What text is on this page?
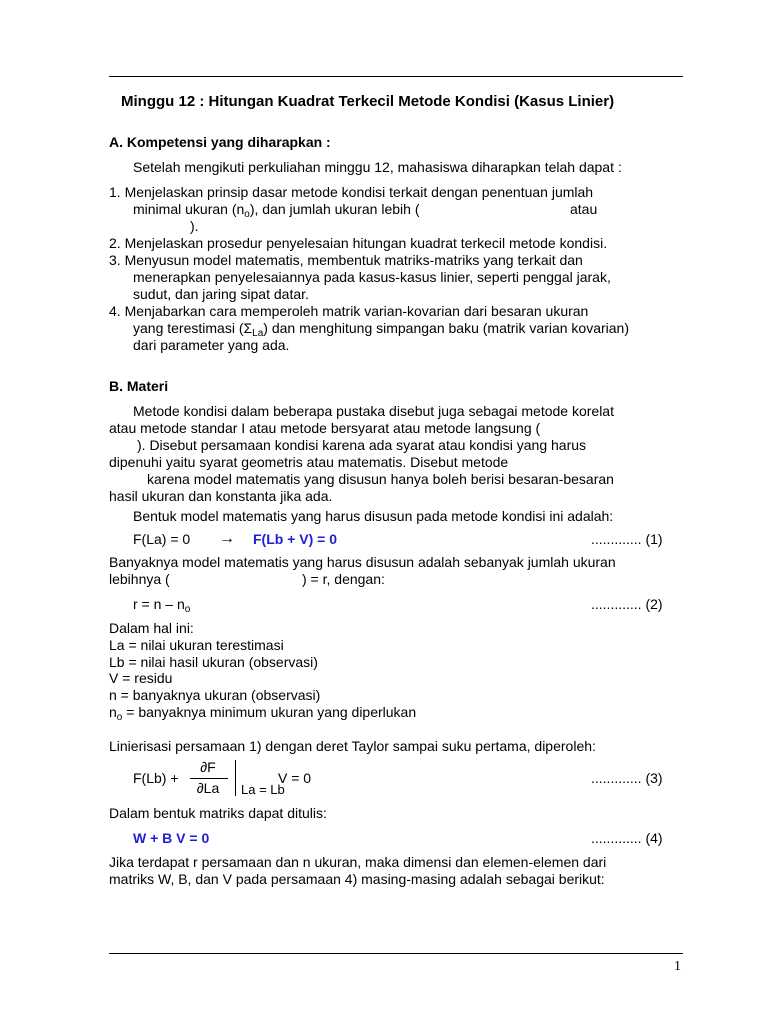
Minggu 12 : Hitungan Kuadrat Terkecil Metode Kondisi (Kasus Linier)
A. Kompetensi yang diharapkan :
Setelah mengikuti perkuliahan minggu 12, mahasiswa diharapkan telah dapat :
1. Menjelaskan prinsip dasar metode kondisi terkait dengan penentuan jumlah
minimal ukuran $(n_o)$, dan jumlah ukuran lebih (	atau
).
2. Menjelaskan prosedur penyelesaian hitungan kuadrat terkecil metode kondisi.
3. Menyusun model matematis, membentuk matriks-matriks yang terkait dan
menerapkan penyelesaiannya pada kasus-kasus linier, seperti penggal jarak,
sudut, dan jaring sipat datar.
4. Menjabarkan cara memperoleh matrik varian-kovarian dari besaran ukuran
yang terestimasi $(\Sigma_{La})$ dan menghitung simpangan baku (matrik varian kovarian)
dari parameter yang ada.
B. Materi
Metode kondisi dalam beberapa pustaka disebut juga sebagai metode korelat
atau metode standar I atau metode bersyarat atau metode langsung (
). Disebut persamaan kondisi karena ada syarat atau kondisi yang harus
dipenuhi yaitu syarat geometris atau matematis. Disebut metode
karena model matematis yang disusun hanya boleh berisi besaran-besaran
hasil ukuran dan konstanta jika ada.
Bentuk model matematis yang harus disusun pada metode kondisi ini adalah:
F(La) = 0 → F(Lb + V) = 0	............. (1)
Banyaknya model matematis yang harus disusun adalah sebanyak jumlah ukuran
lebihnya (	) = r, dengan:
$r = n - n_o$	............. (2)
Dalam hal ini:
La = nilai ukuran terestimasi
Lb = nilai hasil ukuran (observasi)
V = residu
n = banyaknya ukuran (observasi)
$n_o$ = banyaknya minimum ukuran yang diperlukan
Linierisasi persamaan 1) dengan deret Taylor sampai suku pertama, diperoleh:
F(Lb) +
∂F
∂La	La = Lb
V = 0	............. (3)
Dalam bentuk matriks dapat ditulis:
W + B V = 0	............. (4)
Jika terdapat r persamaan dan n ukuran, maka dimensi dan elemen-elemen dari
matriks W, B, dan V pada persamaan 4) masing-masing adalah sebagai berikut:
1
